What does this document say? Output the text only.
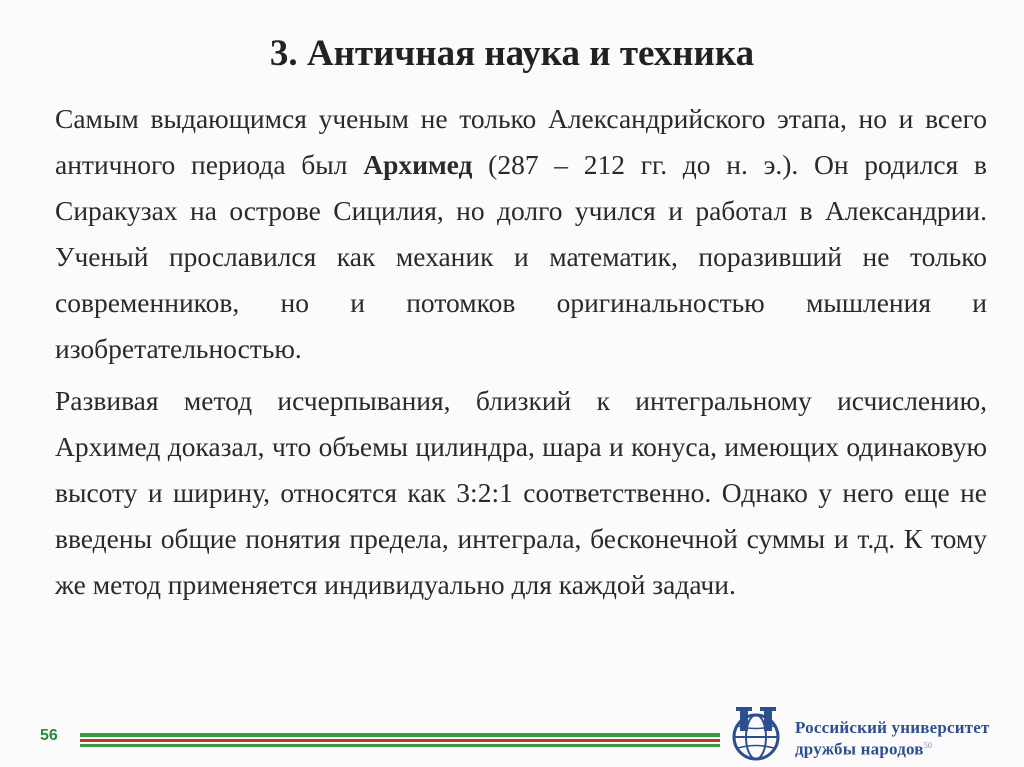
3. Античная наука и техника

Самым выдающимся ученым не только Александрийского этапа, но и всего античного периода был Архимед (287 – 212 гг. до н. э.). Он родился в Сиракузах на острове Сицилия, но долго учился и работал в Александрии. Ученый прославился как механик и математик, поразивший не только современников, но и потомков оригинальностью мышления и изобретательностью.

Развивая метод исчерпывания, близкий к интегральному исчислению, Архимед доказал, что объемы цилиндра, шара и конуса, имеющих одинаковую высоту и ширину, относятся как 3:2:1 соответственно. Однако у него еще не введены общие понятия предела, интеграла, бесконечной суммы и т.д. К тому же метод применяется индивидуально для каждой задачи.

56	Российский университет
дружбы народов$^{50}$
